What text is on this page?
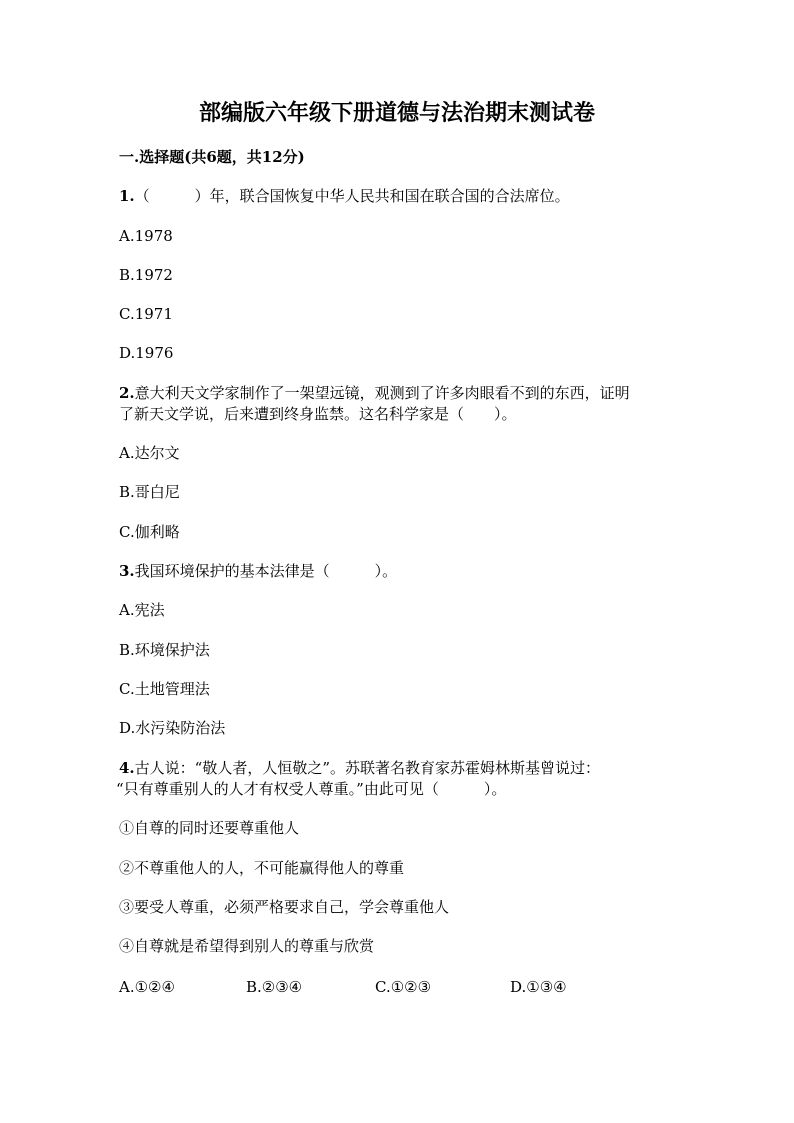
部编版六年级下册道德与法治期末测试卷
一.选择题(共6题，共12分)
1.（　　　）年，联合国恢复中华人民共和国在联合国的合法席位。
A.1978
B.1972
C.1971
D.1976
2.意大利天文学家制作了一架望远镜，观测到了许多肉眼看不到的东西，证明
了新天文学说，后来遭到终身监禁。这名科学家是（　　）。
A.达尔文
B.哥白尼
C.伽利略
3.我国环境保护的基本法律是（　　　）。
A.宪法
B.环境保护法
C.土地管理法
D.水污染防治法
4.古人说：“敬人者，人恒敬之”。苏联著名教育家苏霍姆林斯基曾说过：
“只有尊重别人的人才有权受人尊重。”由此可见（　　　）。
①自尊的同时还要尊重他人
②不尊重他人的人，不可能赢得他人的尊重
③要受人尊重，必须严格要求自己，学会尊重他人
④自尊就是希望得到别人的尊重与欣赏
A.①②④	B.②③④	C.①②③	D.①③④
